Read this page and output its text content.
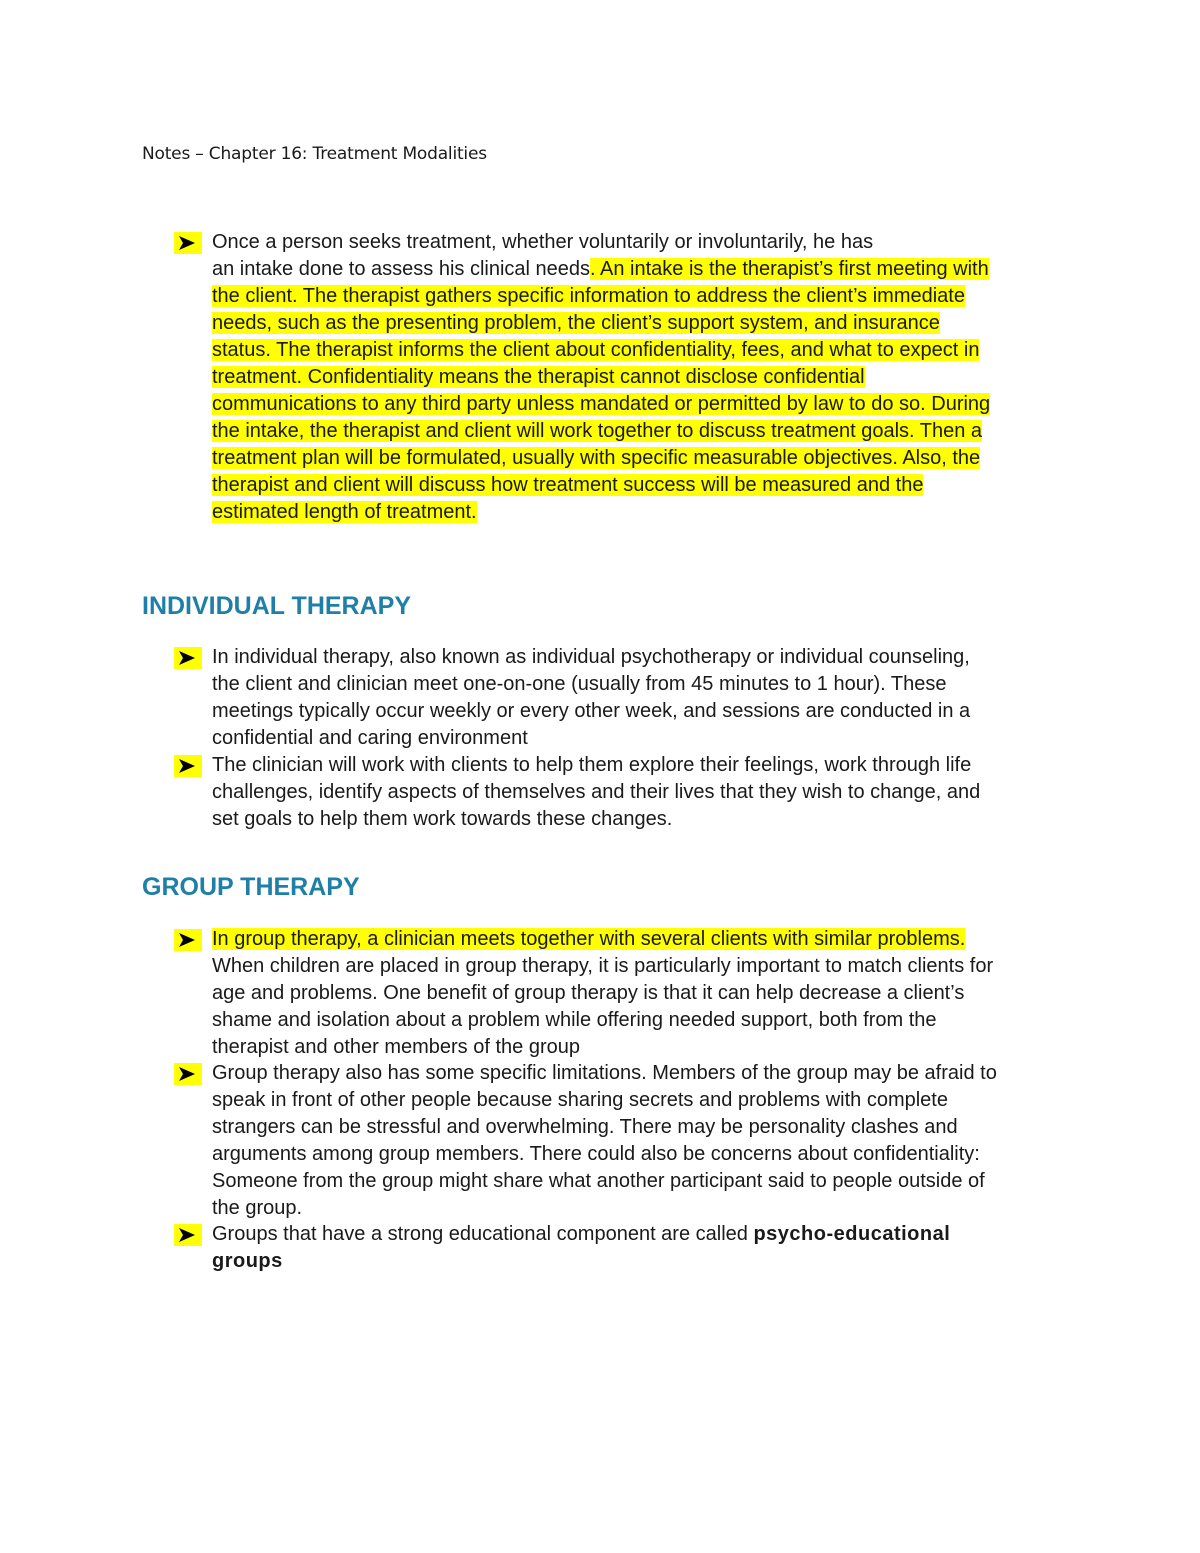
Notes – Chapter 16: Treatment Modalities
Once a person seeks treatment, whether voluntarily or involuntarily, he has
an intake done to assess his clinical needs. An intake is the therapist’s first meeting with
the client. The therapist gathers specific information to address the client’s immediate
needs, such as the presenting problem, the client’s support system, and insurance
status. The therapist informs the client about confidentiality, fees, and what to expect in
treatment. Confidentiality means the therapist cannot disclose confidential
communications to any third party unless mandated or permitted by law to do so. During
the intake, the therapist and client will work together to discuss treatment goals. Then a
treatment plan will be formulated, usually with specific measurable objectives. Also, the
therapist and client will discuss how treatment success will be measured and the
estimated length of treatment.
INDIVIDUAL THERAPY
In individual therapy, also known as individual psychotherapy or individual counseling,
the client and clinician meet one-on-one (usually from 45 minutes to 1 hour). These
meetings typically occur weekly or every other week, and sessions are conducted in a
confidential and caring environment
The clinician will work with clients to help them explore their feelings, work through life
challenges, identify aspects of themselves and their lives that they wish to change, and
set goals to help them work towards these changes.
GROUP THERAPY
In group therapy, a clinician meets together with several clients with similar problems.
When children are placed in group therapy, it is particularly important to match clients for
age and problems. One benefit of group therapy is that it can help decrease a client’s
shame and isolation about a problem while offering needed support, both from the
therapist and other members of the group
Group therapy also has some specific limitations. Members of the group may be afraid to
speak in front of other people because sharing secrets and problems with complete
strangers can be stressful and overwhelming. There may be personality clashes and
arguments among group members. There could also be concerns about confidentiality:
Someone from the group might share what another participant said to people outside of
the group.
Groups that have a strong educational component are called psycho-educational
groups
